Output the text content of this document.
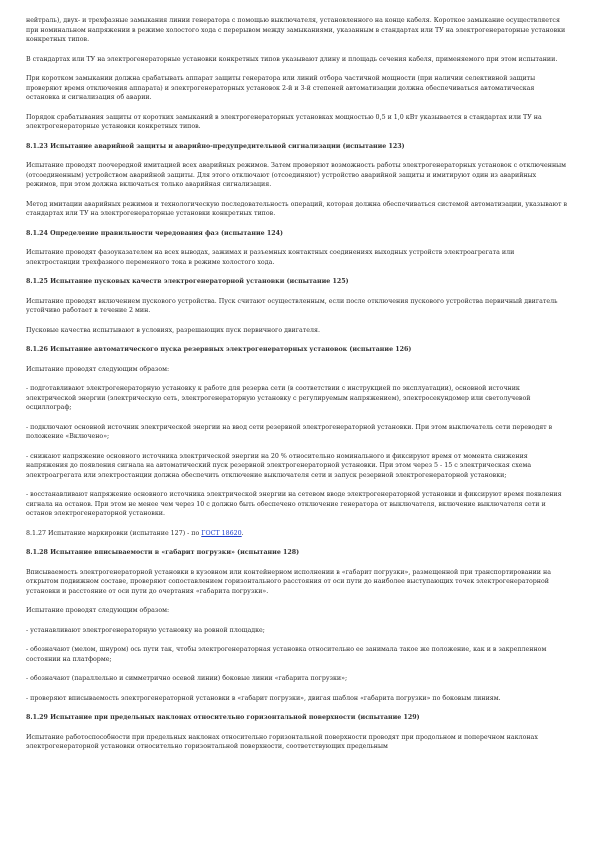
нейтраль), двух- и трехфазные замыкания линии генератора с помощью выключателя, установленного на конце кабеля. Короткое замыкание осуществляется при номинальном напряжении в режиме холостого хода с перерывом между замыканиями, указанным в стандартах или ТУ на электрогенераторные установки конкретных типов.

В стандартах или ТУ на электрогенераторные установки конкретных типов указывают длину и площадь сечения кабеля, применяемого при этом испытании.

При коротком замыкании должна срабатывать аппарат защиты генератора или линий отбора частичной мощности (при наличии селективной защиты проверяют время отключения аппарата) и электрогенераторных установок 2-й и 3-й степеней автоматизации должна обеспечиваться автоматическая остановка и сигнализация об аварии.

Порядок срабатывания защиты от коротких замыканий в электрогенераторных установках мощностью 0,5 и 1,0 кВт указывается в стандартах или ТУ на электрогенераторные установки конкретных типов.

8.1.23 Испытание аварийной защиты и аварийно-предупредительной сигнализации (испытание 123)

Испытание проводят поочередной имитацией всех аварийных режимов. Затем проверяют возможность работы электрогенераторных установок с отключенным (отсоединенным) устройством аварийной защиты. Для этого отключают (отсоединяют) устройство аварийной защиты и имитируют один из аварийных режимов, при этом должна включаться только аварийная сигнализация.

Метод имитации аварийных режимов и технологическую последовательность операций, которая должна обеспечиваться системой автоматизации, указывают в стандартах или ТУ на электрогенераторные установки конкретных типов.

8.1.24 Определение правильности чередования фаз (испытание 124)

Испытание проводят фазоуказателем на всех выводах, зажимах и разъемных контактных соединениях выходных устройств электроагрегата или электростанции трехфазного переменного тока в режиме холостого хода.

8.1.25 Испытание пусковых качеств электрогенераторной установки (испытание 125)

Испытание проводят включением пускового устройства. Пуск считают осуществленным, если после отключения пускового устройства первичный двигатель устойчиво работает в течение 2 мин.

Пусковые качества испытывают в условиях, разрешающих пуск первичного двигателя.

8.1.26 Испытание автоматического пуска резервных электрогенераторных установок (испытание 126)

Испытание проводят следующим образом:

- подготавливают электрогенераторную установку к работе для резерва сети (в соответствии с инструкцией по эксплуатации), основной источник электрической энергии (электрическую сеть, электрогенераторную установку с регулируемым напряжением), электросекундомер или светолучевой осциллограф;

- подключают основной источник электрической энергии на ввод сети резервной электрогенераторной установки. При этом выключатель сети переводят в положение «Включено»;

- снижают напряжение основного источника электрической энергии на 20 % относительно номинального и фиксируют время от момента снижения напряжения до появления сигнала на автоматический пуск резервной электрогенераторной установки. При этом через 5 - 15 с электрическая схема электроагрегата или электростанции должна обеспечить отключение выключателя сети и запуск резервной электрогенераторной установки;

- восстанавливают напряжение основного источника электрической энергии на сетевом вводе электрогенераторной установки и фиксируют время появления сигнала на останов. При этом не менее чем через 10 с должно быть обеспечено отключение генератора от выключателя, включение выключателя сети и останов электрогенераторной установки.

8.1.27 Испытание маркировки (испытание 127) - по ГОСТ 18620.

8.1.28 Испытание вписываемости в «габарит погрузки» (испытание 128)

Вписываемость электрогенераторной установки в кузовном или контейнерном исполнении в «габарит погрузки», размещенной при транспортировании на открытом подвижном составе, проверяют сопоставлением горизонтального расстояния от оси пути до наиболее выступающих точек электрогенераторной установки и расстояние от оси пути до очертания «габарита погрузки».

Испытание проводят следующим образом:

- устанавливают электрогенераторную установку на ровной площадке;

- обозначают (мелом, шнуром) ось пути так, чтобы электрогенераторная установка относительно ее занимала такое же положение, как и в закрепленном состоянии на платформе;

- обозначают (параллельно и симметрично осевой линии) боковые линии «габарита погрузки»;

- проверяют вписываемость электрогенераторной установки в «габарит погрузки», двигая шаблон «габарита погрузки» по боковым линиям.

8.1.29 Испытание при предельных наклонах относительно горизонтальной поверхности (испытание 129)

Испытание работоспособности при предельных наклонах относительно горизонтальной поверхности проводят при продольном и поперечном наклонах электрогенераторной установки относительно горизонтальной поверхности, соответствующих предельным
